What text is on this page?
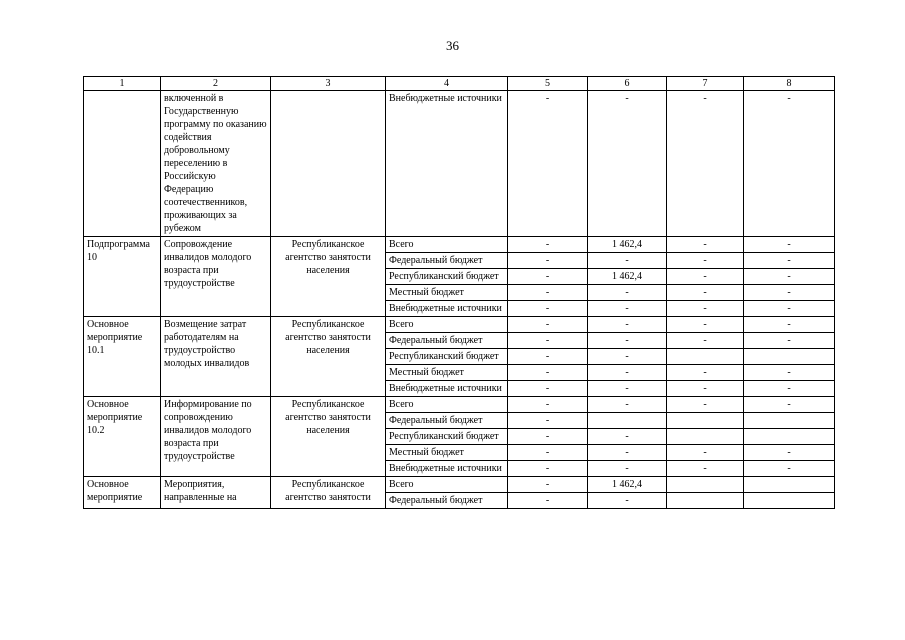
36
1	2	3	4	5	6	7	8
	включенной в Государственную программу по оказанию содействия добровольному переселению в Российскую Федерацию соотечественников, проживающих за рубежом		Внебюджетные источники	-	-	-	-
Подпрограмма 10	Сопровождение инвалидов молодого возраста при трудоустройстве	Республиканское агентство занятости населения	Всего	-	1 462,4	-	-
			Федеральный бюджет	-	-	-	-
			Республиканский бюджет	-	1 462,4	-	-
			Местный бюджет	-	-	-	-
			Внебюджетные источники	-	-	-	-
Основное мероприятие 10.1	Возмещение затрат работодателям на трудоустройство молодых инвалидов	Республиканское агентство занятости населения	Всего	-	-	-	-
			Федеральный бюджет	-	-	-	-
			Республиканский бюджет	-	-		
			Местный бюджет	-	-	-	-
			Внебюджетные источники	-	-	-	-
Основное мероприятие 10.2	Информирование по сопровождению инвалидов молодого возраста при трудоустройстве	Республиканское агентство занятости населения	Всего	-	-	-	-
			Федеральный бюджет	-			
			Республиканский бюджет	-	-		
			Местный бюджет	-	-	-	-
			Внебюджетные источники	-	-	-	-
Основное мероприятие	Мероприятия, направленные на	Республиканское агентство занятости	Всего	-	1 462,4		
			Федеральный бюджет	-	-		
